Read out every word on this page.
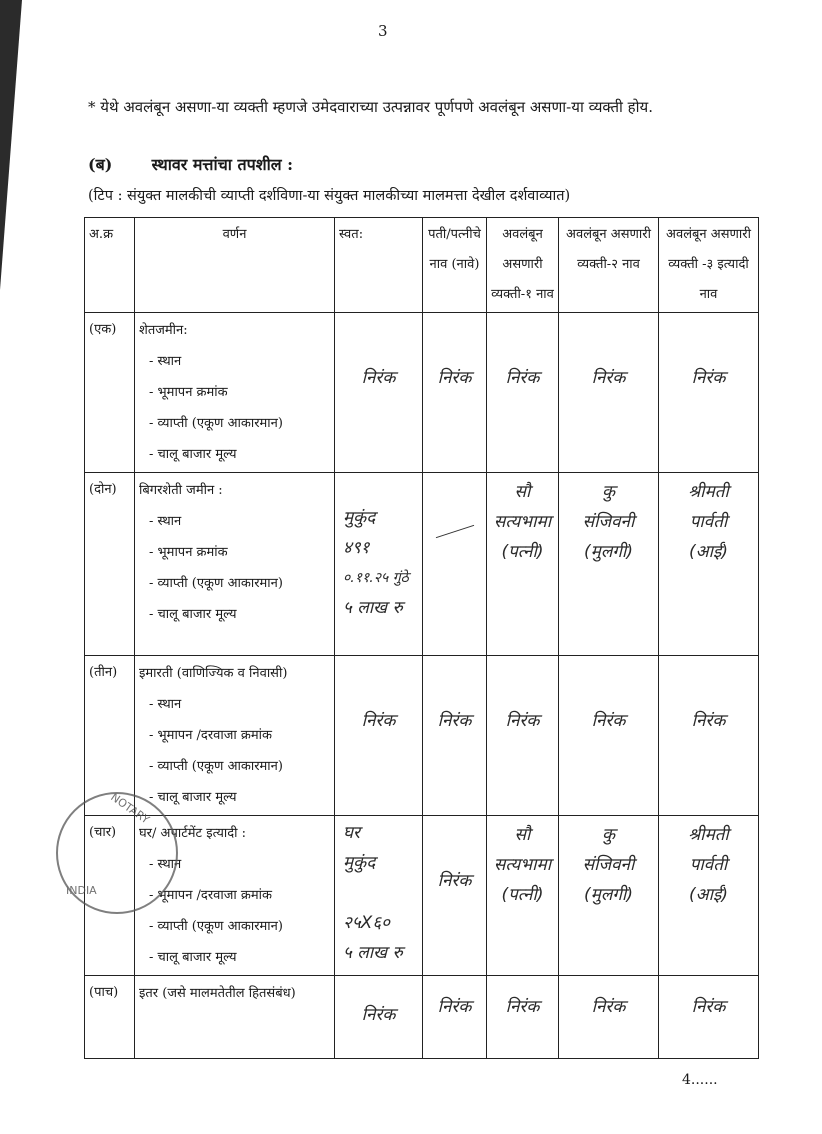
3
* येथे अवलंबून असणा-या व्यक्ती म्हणजे उमेदवाराच्या उत्पन्नावर पूर्णपणे अवलंबून असणा-या व्यक्ती होय.
(ब) स्थावर मत्तांचा तपशील :
(टिप : संयुक्त मालकीची व्याप्ती दर्शविणा-या संयुक्त मालकीच्या मालमत्ता देखील दर्शवाव्यात)
अ.क्र	वर्णन	स्वत:	पती/पत्नीचे नाव (नावे)	अवलंबून असणारी व्यक्ती-१ नाव	अवलंबून असणारी व्यक्ती-२ नाव	अवलंबून असणारी व्यक्ती -३ इत्यादी नाव
(एक)	शेतजमीन:
- स्थान
- भूमापन क्रमांक
- व्याप्ती (एकूण आकारमान)
- चालू बाजार मूल्य	निरंक	निरंक	निरंक	निरंक	निरंक

(दोन)	बिगरशेती जमीन :
- स्थान
- भूमापन क्रमांक
- व्याप्ती (एकूण आकारमान)
- चालू बाजार मूल्य	मुकुंद
४९१
०.११.२५ गुंठे
५ लाख रु		सौ
सत्यभामा
(पत्नी)	कु
संजिवनी
(मुलगी)	श्रीमती
पार्वती
(आई)

(तीन)	इमारती (वाणिज्यिक व निवासी)
- स्थान
- भूमापन /दरवाजा क्रमांक
- व्याप्ती (एकूण आकारमान)
- चालू बाजार मूल्य	निरंक	निरंक	निरंक	निरंक	निरंक

(चार)	घर/ अपार्टमेंट इत्यादी :
- स्थान
- भूमापन /दरवाजा क्रमांक
- व्याप्ती (एकूण आकारमान)
- चालू बाजार मूल्य	घर
मुकुंद

२५X६०
५ लाख रु	निरंक	सौ
सत्यभामा
(पत्नी)	कु
संजिवनी
(मुलगी)	श्रीमती
पार्वती
(आई)

(पाच)	इतर (जसे मालमतेतील हितसंबंध)	निरंक	निरंक	निरंक	निरंक	निरंक
NOTARY
INDIA
4......
